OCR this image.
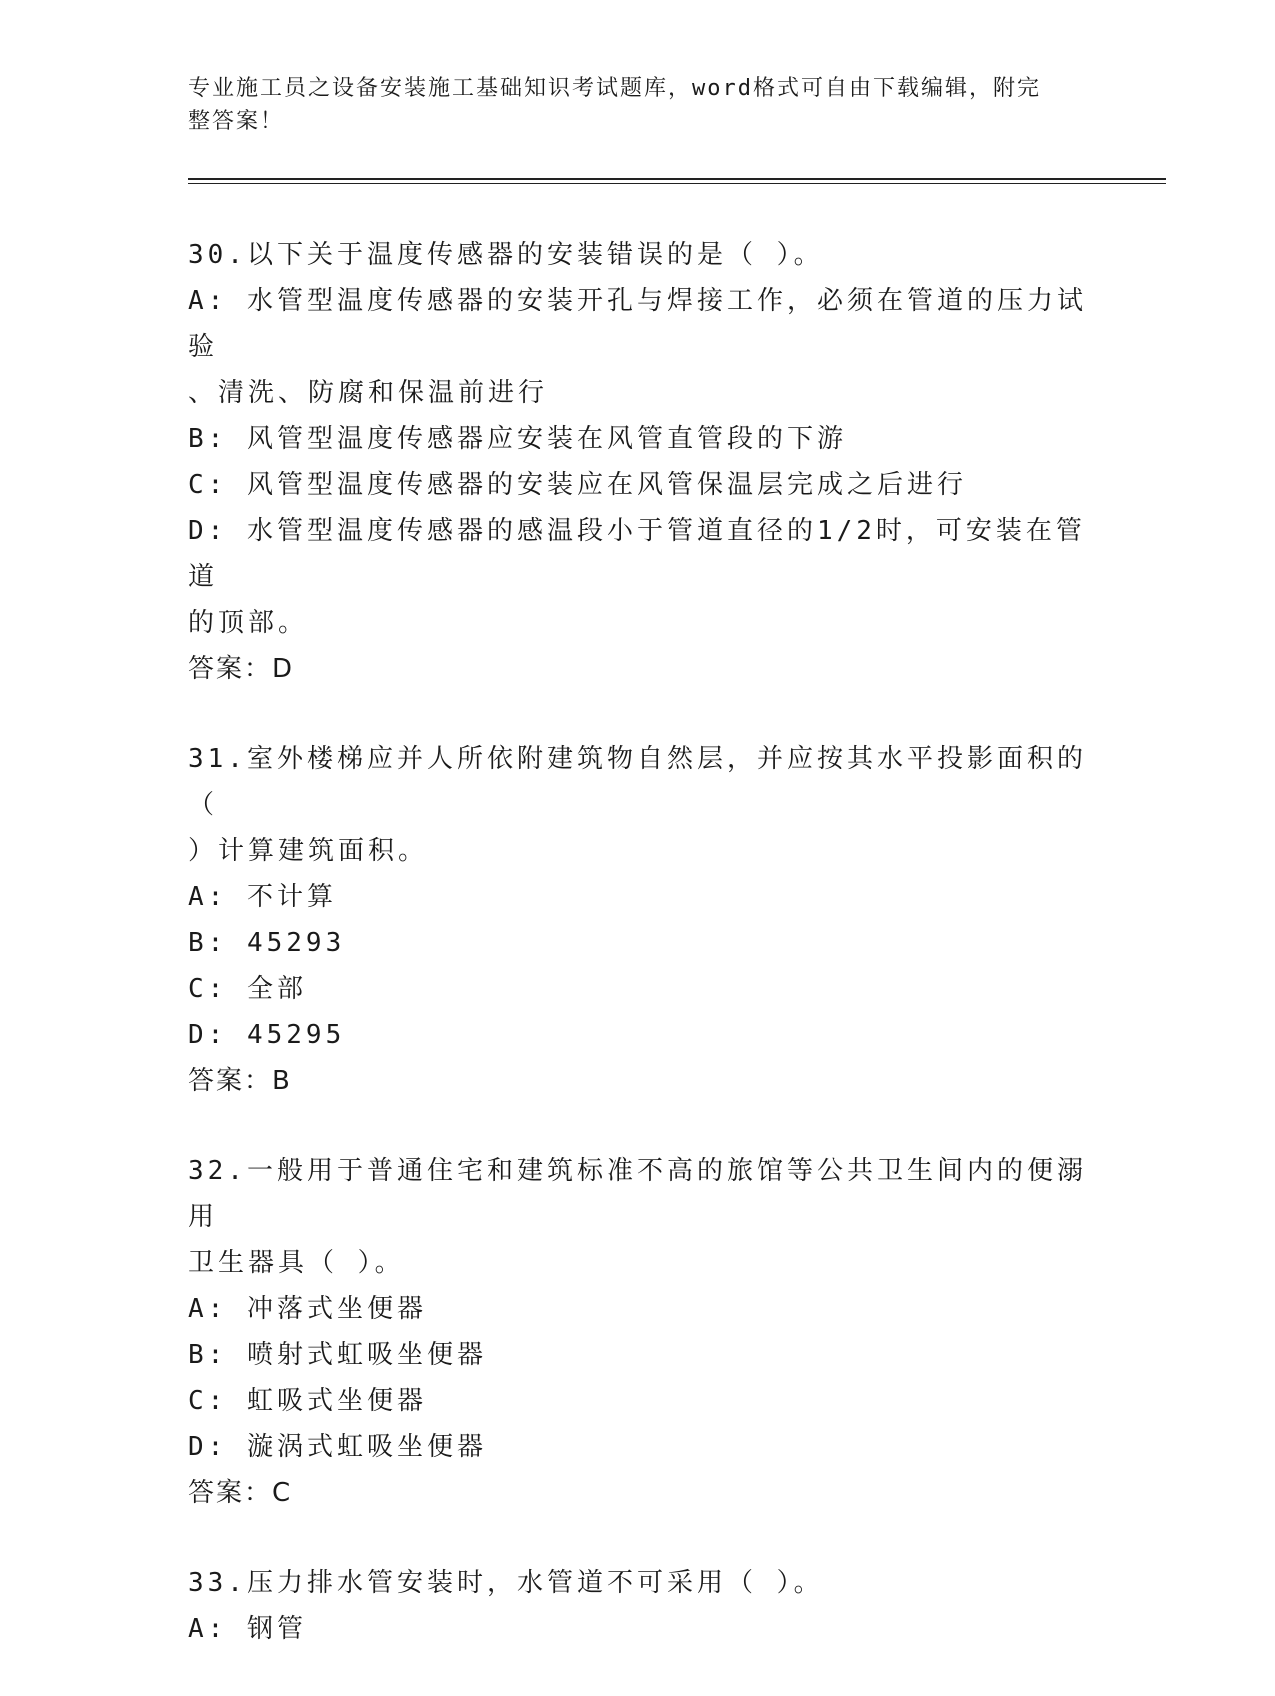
专业施工员之设备安装施工基础知识考试题库，word格式可自由下载编辑，附完
整答案！
30.以下关于温度传感器的安装错误的是（ ）。
A: 水管型温度传感器的安装开孔与焊接工作，必须在管道的压力试验
、清洗、防腐和保温前进行
B: 风管型温度传感器应安装在风管直管段的下游
C: 风管型温度传感器的安装应在风管保温层完成之后进行
D: 水管型温度传感器的感温段小于管道直径的1/2时，可安装在管道
的顶部。
答案：D
31.室外楼梯应并人所依附建筑物自然层，并应按其水平投影面积的（
）计算建筑面积。
A: 不计算
B: 45293
C: 全部
D: 45295
答案：B
32.一般用于普通住宅和建筑标准不高的旅馆等公共卫生间内的便溺用
卫生器具（ ）。
A: 冲落式坐便器
B: 喷射式虹吸坐便器
C: 虹吸式坐便器
D: 漩涡式虹吸坐便器
答案：C
33.压力排水管安装时，水管道不可采用（ ）。
A: 钢管
